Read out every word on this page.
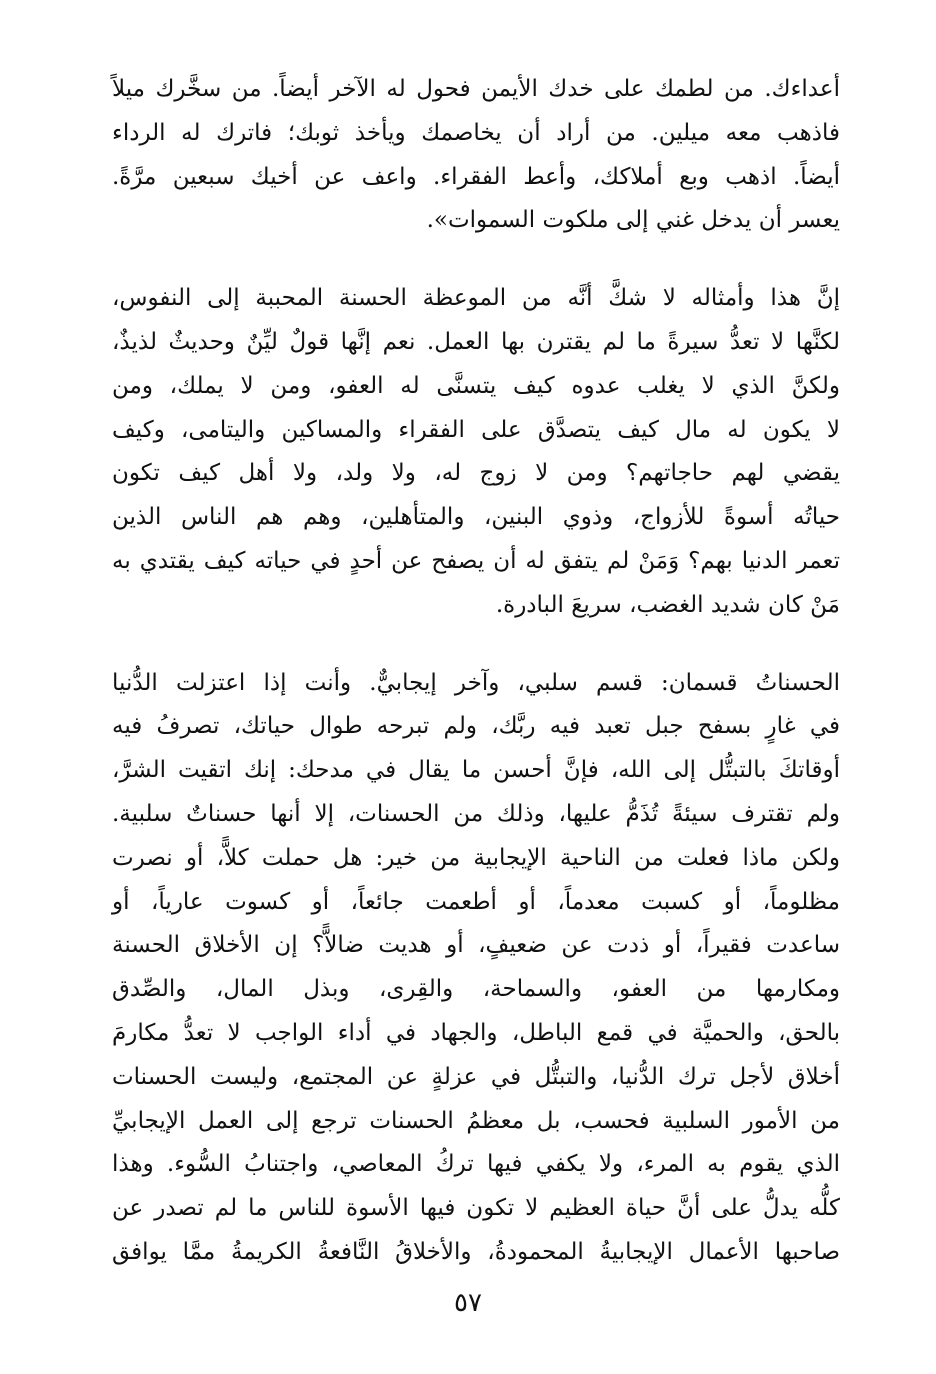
أعداءك. من لطمك على خدك الأيمن فحول له الآخر أيضاً. من سخَّرك ميلاً
فاذهب معه ميلين. من أراد أن يخاصمك ويأخذ ثوبك؛ فاترك له الرداء
أيضاً. اذهب وبع أملاكك، وأعط الفقراء. واعف عن أخيك سبعين مرَّةً.
يعسر أن يدخل غني إلى ملكوت السموات».
إنَّ هذا وأمثاله لا شكَّ أنَّه من الموعظة الحسنة المحببة إلى النفوس،
لكنَّها لا تعدُّ سيرةً ما لم يقترن بها العمل. نعم إنَّها قولٌ ليِّنٌ وحديثٌ لذيذٌ،
ولكنَّ الذي لا يغلب عدوه كيف يتسنَّى له العفو، ومن لا يملك، ومن
لا يكون له مال كيف يتصدَّق على الفقراء والمساكين واليتامى، وكيف
يقضي لهم حاجاتهم؟ ومن لا زوج له، ولا ولد، ولا أهل كيف تكون
حياتُه أسوةً للأزواج، وذوي البنين، والمتأهلين، وهم هم الناس الذين
تعمر الدنيا بهم؟ وَمَنْ لم يتفق له أن يصفح عن أحدٍ في حياته كيف يقتدي به
مَنْ كان شديد الغضب، سريعَ البادرة.
الحسناتُ قسمان: قسم سلبي، وآخر إيجابيٌّ. وأنت إذا اعتزلت الدُّنيا
في غارٍ بسفح جبل تعبد فيه ربَّك، ولم تبرحه طوال حياتك، تصرفُ فيه
أوقاتكَ بالتبتُّل إلى الله، فإنَّ أحسن ما يقال في مدحك: إنك اتقيت الشرَّ،
ولم تقترف سيئةً تُذَمُّ عليها، وذلك من الحسنات، إلا أنها حسناتٌ سلبية.
ولكن ماذا فعلت من الناحية الإيجابية من خير: هل حملت كلاًّ، أو نصرت
مظلوماً، أو كسبت معدماً، أو أطعمت جائعاً، أو كسوت عارياً، أو
ساعدت فقيراً، أو ذدت عن ضعيفٍ، أو هديت ضالاًّ؟ إن الأخلاق الحسنة
ومكارمها من العفو، والسماحة، والقِرى، وبذل المال، والصِّدق
بالحق، والحميَّة في قمع الباطل، والجهاد في أداء الواجب لا تعدُّ مكارمَ
أخلاق لأجل ترك الدُّنيا، والتبتُّل في عزلةٍ عن المجتمع، وليست الحسنات
من الأمور السلبية فحسب، بل معظمُ الحسنات ترجع إلى العمل الإيجابيِّ
الذي يقوم به المرء، ولا يكفي فيها تركُ المعاصي، واجتنابُ السُّوء. وهذا
كلُّه يدلُّ على أنَّ حياة العظيم لا تكون فيها الأسوة للناس ما لم تصدر عن
صاحبها الأعمال الإيجابيةُ المحمودةُ، والأخلاقُ النَّافعةُ الكريمةُ ممَّا يوافق
٥٧
